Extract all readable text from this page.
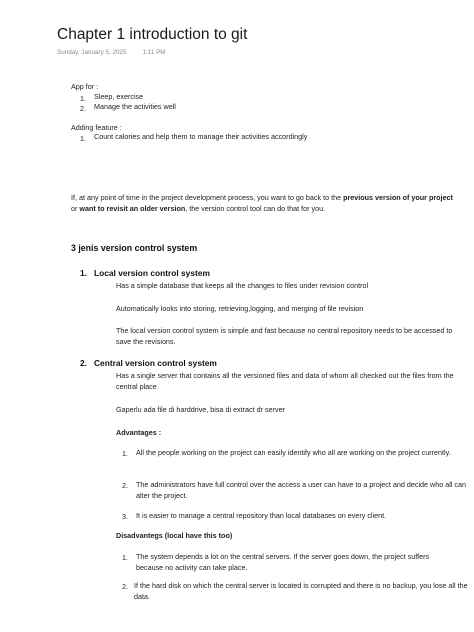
Chapter 1 introduction to git
Sunday, January 5, 2025	1:11 PM
App for :
1. Sleep, exercise
2. Manage the activities well
Adding feature :
1. Count calories and help them to manage their activities accordingly
If, at any point of time in the project development process, you want to go back to the previous version of your project or want to revisit an older version, the version control tool can do that for you.
3 jenis version control system
1. Local version control system
Has a simple database that keeps all the changes to files under revision control
Automatically looks into storing, retrieving,logging, and merging of file revision
The local version control system is simple and fast because no central repository needs to be accessed to save the revisions.
2. Central version control system
Has a single server that contains all the versioned files and data of whom all checked out the files from the central place
Gaperlu ada file di harddrive, bisa di extract dr server
Advantages :
1. All the people working on the project can easily identify who all are working on the project currently.
2. The administrators have full control over the access a user can have to a project and decide who all can alter the project.
3. It is easier to manage a central repository than local databases on every client.
Disadvantegs (local have this too)
1. The system depends a lot on the central servers. If the server goes down, the project suffers because no activity can take place.
2. If the hard disk on which the central server is located is corrupted and there is no backup, you lose all the data.
